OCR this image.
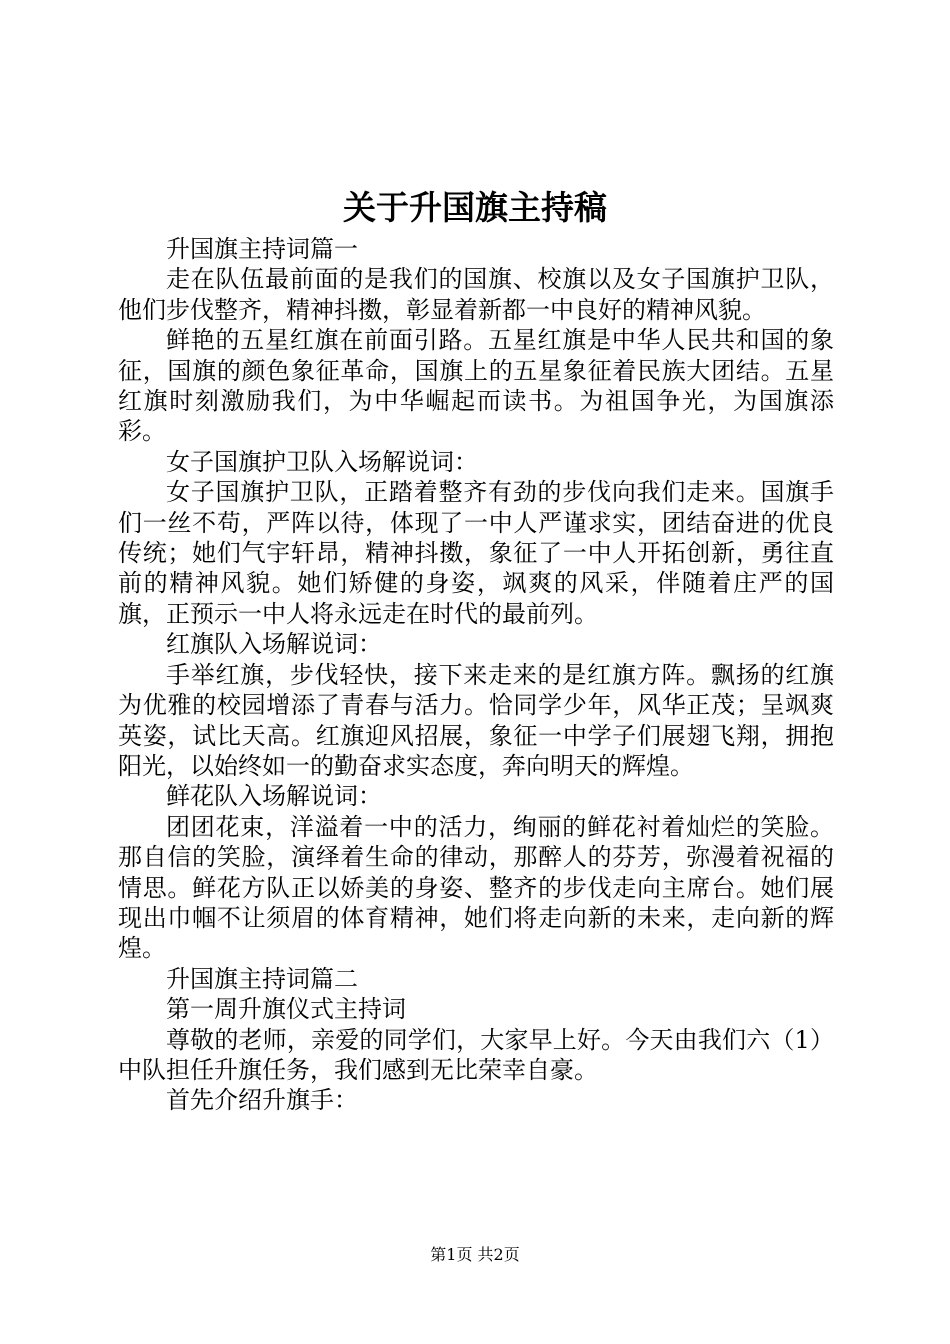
关于升国旗主持稿

升国旗主持词篇一

走在队伍最前面的是我们的国旗、校旗以及女子国旗护卫队，他们步伐整齐，精神抖擞，彰显着新都一中良好的精神风貌。

鲜艳的五星红旗在前面引路。五星红旗是中华人民共和国的象征，国旗的颜色象征革命，国旗上的五星象征着民族大团结。五星红旗时刻激励我们，为中华崛起而读书。为祖国争光，为国旗添彩。

女子国旗护卫队入场解说词：

女子国旗护卫队，正踏着整齐有劲的步伐向我们走来。国旗手们一丝不苟，严阵以待，体现了一中人严谨求实，团结奋进的优良传统；她们气宇轩昂，精神抖擞，象征了一中人开拓创新，勇往直前的精神风貌。她们矫健的身姿，飒爽的风采，伴随着庄严的国旗，正预示一中人将永远走在时代的最前列。

红旗队入场解说词：

手举红旗，步伐轻快，接下来走来的是红旗方阵。飘扬的红旗为优雅的校园增添了青春与活力。恰同学少年，风华正茂；呈飒爽英姿，试比天高。红旗迎风招展，象征一中学子们展翅飞翔，拥抱阳光，以始终如一的勤奋求实态度，奔向明天的辉煌。

鲜花队入场解说词：

团团花束，洋溢着一中的活力，绚丽的鲜花衬着灿烂的笑脸。那自信的笑脸，演绎着生命的律动，那醉人的芬芳，弥漫着祝福的情思。鲜花方队正以娇美的身姿、整齐的步伐走向主席台。她们展现出巾帼不让须眉的体育精神，她们将走向新的未来，走向新的辉煌。

升国旗主持词篇二

第一周升旗仪式主持词

尊敬的老师，亲爱的同学们，大家早上好。今天由我们六（1）中队担任升旗任务，我们感到无比荣幸自豪。

首先介绍升旗手：

第1页 共2页
